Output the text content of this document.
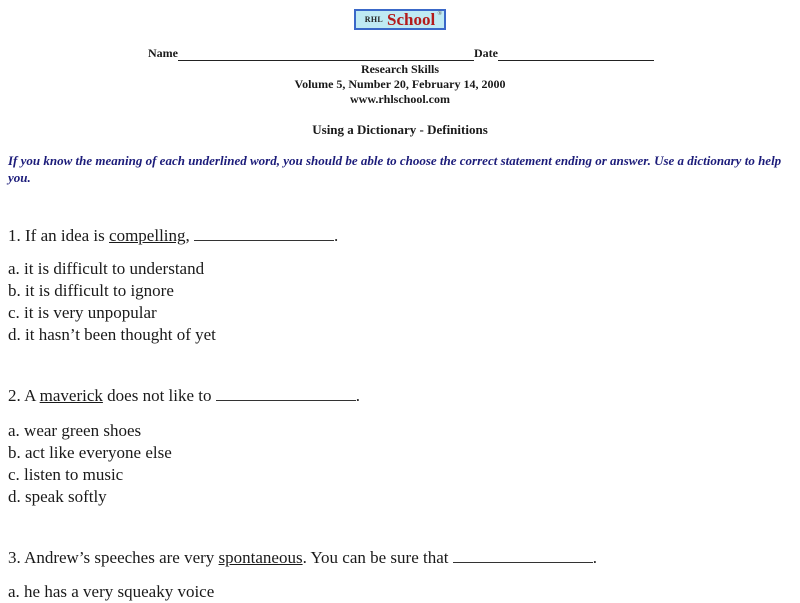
RHL School ®
Name	Date
Research Skills
Volume 5, Number 20, February 14, 2000
www.rhlschool.com
Using a Dictionary - Definitions
If you know the meaning of each underlined word, you should be able to choose the correct statement ending or answer. Use a dictionary to help you.
1. If an idea is compelling,	.
a. it is difficult to understand
b. it is difficult to ignore
c. it is very unpopular
d. it hasn’t been thought of yet
2. A maverick does not like to	.
a. wear green shoes
b. act like everyone else
c. listen to music
d. speak softly
3. Andrew’s speeches are very spontaneous. You can be sure that	.
a. he has a very squeaky voice
